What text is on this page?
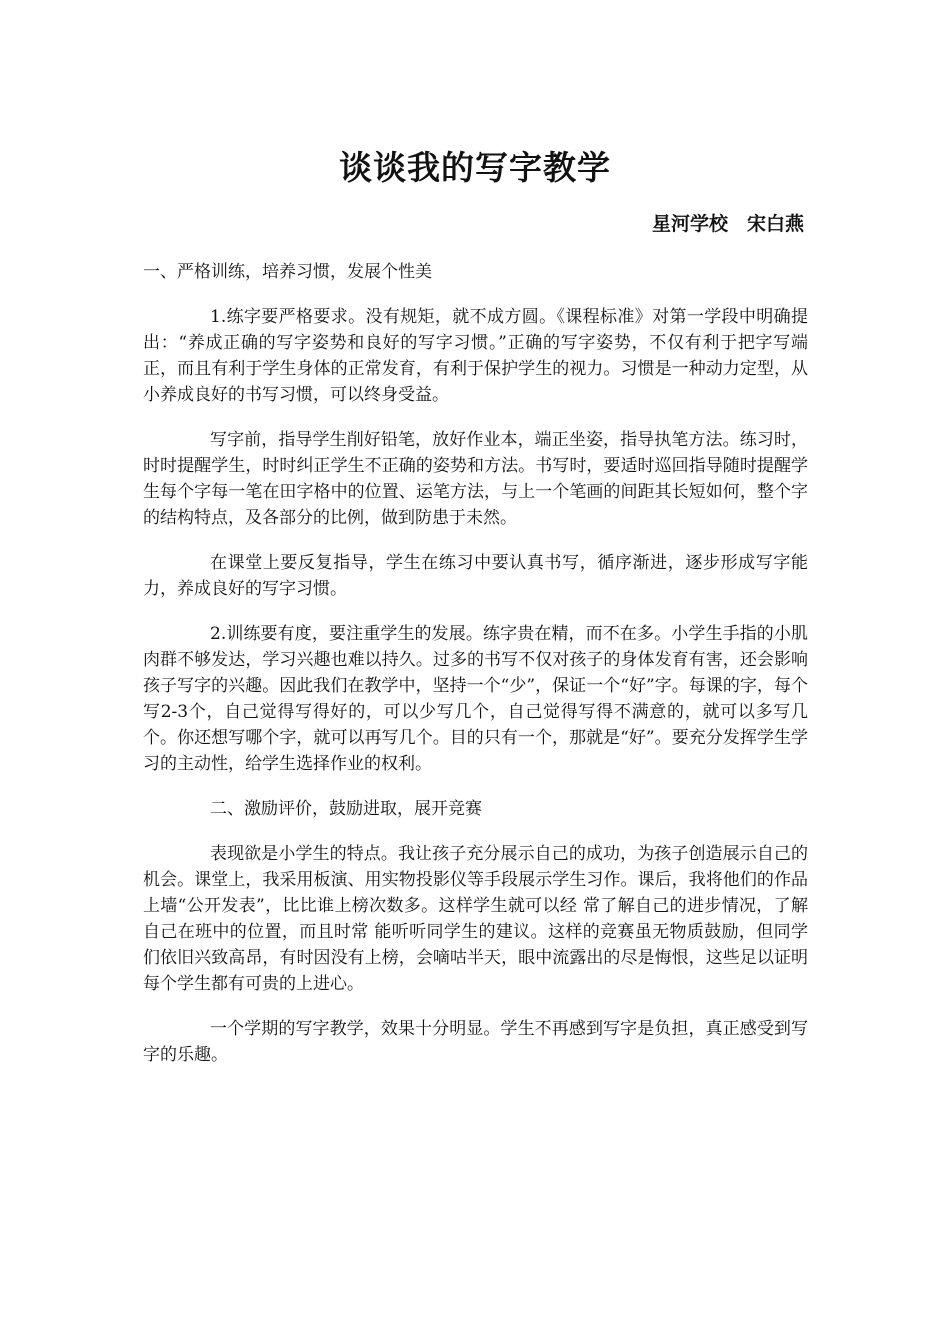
谈谈我的写字教学
星河学校　宋白燕

一、严格训练，培养习惯，发展个性美

1.练字要严格要求。没有规矩，就不成方圆。《课程标准》对第一学段中明确提出：“养成正确的写字姿势和良好的写字习惯。”正确的写字姿势，不仅有利于把字写端正，而且有利于学生身体的正常发育，有利于保护学生的视力。习惯是一种动力定型，从小养成良好的书写习惯，可以终身受益。

写字前，指导学生削好铅笔，放好作业本，端正坐姿，指导执笔方法。练习时，时时提醒学生，时时纠正学生不正确的姿势和方法。书写时，要适时巡回指导随时提醒学生每个字每一笔在田字格中的位置、运笔方法，与上一个笔画的间距其长短如何，整个字的结构特点，及各部分的比例，做到防患于未然。

在课堂上要反复指导，学生在练习中要认真书写，循序渐进，逐步形成写字能力，养成良好的写字习惯。

2.训练要有度，要注重学生的发展。练字贵在精，而不在多。小学生手指的小肌肉群不够发达，学习兴趣也难以持久。过多的书写不仅对孩子的身体发育有害，还会影响孩子写字的兴趣。因此我们在教学中，坚持一个“少”，保证一个“好”字。每课的字，每个写2-3个，自己觉得写得好的，可以少写几个，自己觉得写得不满意的，就可以多写几个。你还想写哪个字，就可以再写几个。目的只有一个，那就是“好”。要充分发挥学生学习的主动性，给学生选择作业的权利。

二、激励评价，鼓励进取，展开竞赛

表现欲是小学生的特点。我让孩子充分展示自己的成功，为孩子创造展示自己的机会。课堂上，我采用板演、用实物投影仪等手段展示学生习作。课后，我将他们的作品上墙“公开发表”，比比谁上榜次数多。这样学生就可以经 常了解自己的进步情况，了解自己在班中的位置，而且时常 能听听同学生的建议。这样的竞赛虽无物质鼓励，但同学们依旧兴致高昂，有时因没有上榜，会嘀咕半天，眼中流露出的尽是悔恨，这些足以证明每个学生都有可贵的上进心。

一个学期的写字教学，效果十分明显。学生不再感到写字是负担，真正感受到写字的乐趣。
